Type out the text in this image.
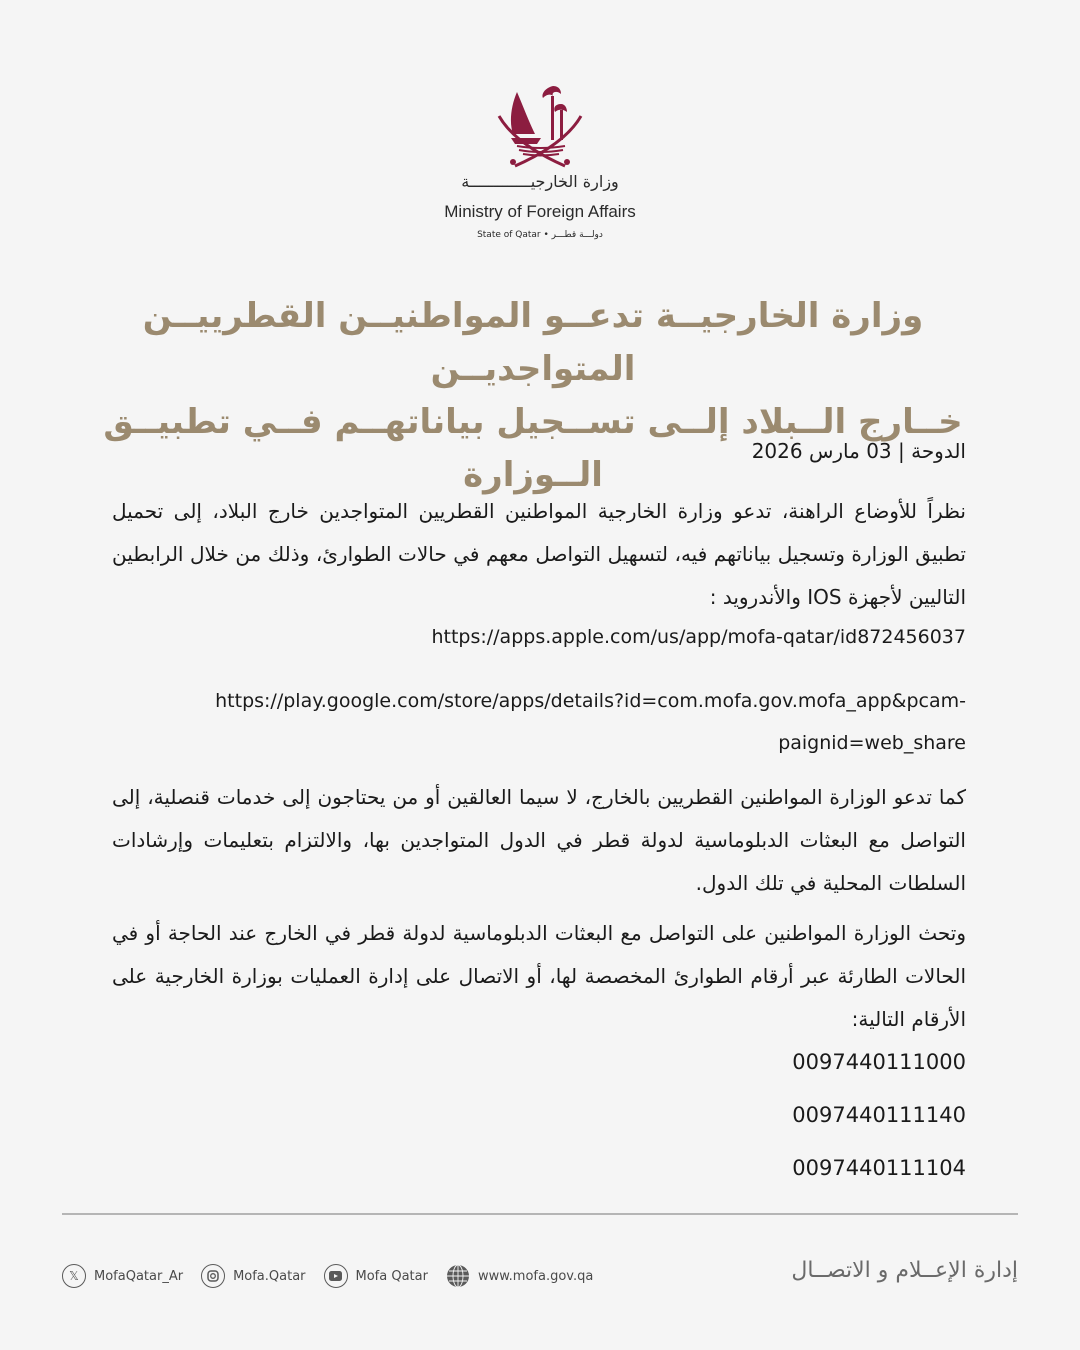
وزارة الخارجيـــــــــــــة
Ministry of Foreign Affairs
State of Qatar • دولـــة قطـــر
وزارة الخارجيــة تدعــو المواطنيــن القطرييــن المتواجديــن
خــارج الــبلاد إلــى تســجيل بياناتهــم فــي تطبيــق الــوزارة
الدوحة | 03 مارس 2026
نظراً للأوضاع الراهنة، تدعو وزارة الخارجية المواطنين القطريين المتواجدين خارج البلاد، إلى تحميل تطبيق الوزارة وتسجيل بياناتهم فيه، لتسهيل التواصل معهم في حالات الطوارئ، وذلك من خلال الرابطين التاليين لأجهزة IOS والأندرويد :
https://apps.apple.com/us/app/mofa-qatar/id872456037
https://play.google.com/store/apps/details?id=com.mofa.gov.mofa_app&pcam-
paignid=web_share
كما تدعو الوزارة المواطنين القطريين بالخارج، لا سيما العالقين أو من يحتاجون إلى خدمات قنصلية، إلى التواصل مع البعثات الدبلوماسية لدولة قطر في الدول المتواجدين بها، والالتزام بتعليمات وإرشادات السلطات المحلية في تلك الدول.
وتحث الوزارة المواطنين على التواصل مع البعثات الدبلوماسية لدولة قطر في الخارج عند الحاجة أو في الحالات الطارئة عبر أرقام الطوارئ المخصصة لها، أو الاتصال على إدارة العمليات بوزارة الخارجية على الأرقام التالية:
0097440111000
0097440111140
0097440111104
𝕏	MofaQatar_Ar	Mofa.Qatar	Mofa Qatar	www.mofa.gov.qa	إدارة الإعــلام و الاتصــال
